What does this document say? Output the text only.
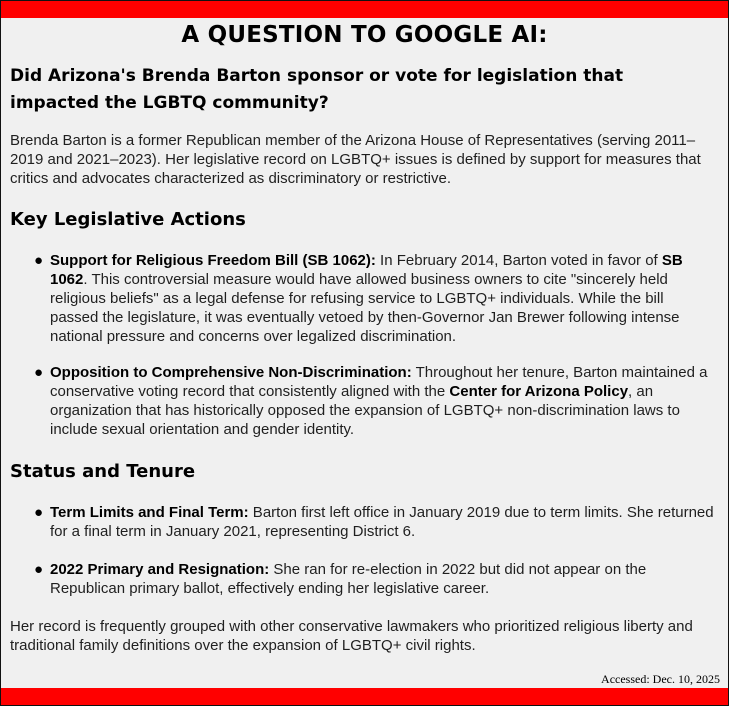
A QUESTION TO GOOGLE AI:
Did Arizona's Brenda Barton sponsor or vote for legislation that impacted the LGBTQ community?
Brenda Barton is a former Republican member of the Arizona House of Representatives (serving 2011–2019 and 2021–2023). Her legislative record on LGBTQ+ issues is defined by support for measures that critics and advocates characterized as discriminatory or restrictive.
Key Legislative Actions
● Support for Religious Freedom Bill (SB 1062): In February 2014, Barton voted in favor of SB 1062. This controversial measure would have allowed business owners to cite "sincerely held religious beliefs" as a legal defense for refusing service to LGBTQ+ individuals. While the bill passed the legislature, it was eventually vetoed by then-Governor Jan Brewer following intense national pressure and concerns over legalized discrimination.
● Opposition to Comprehensive Non-Discrimination: Throughout her tenure, Barton maintained a conservative voting record that consistently aligned with the Center for Arizona Policy, an organization that has historically opposed the expansion of LGBTQ+ non-discrimination laws to include sexual orientation and gender identity.
Status and Tenure
● Term Limits and Final Term: Barton first left office in January 2019 due to term limits. She returned for a final term in January 2021, representing District 6.
● 2022 Primary and Resignation: She ran for re-election in 2022 but did not appear on the Republican primary ballot, effectively ending her legislative career.
Her record is frequently grouped with other conservative lawmakers who prioritized religious liberty and traditional family definitions over the expansion of LGBTQ+ civil rights.
Accessed: Dec. 10, 2025
